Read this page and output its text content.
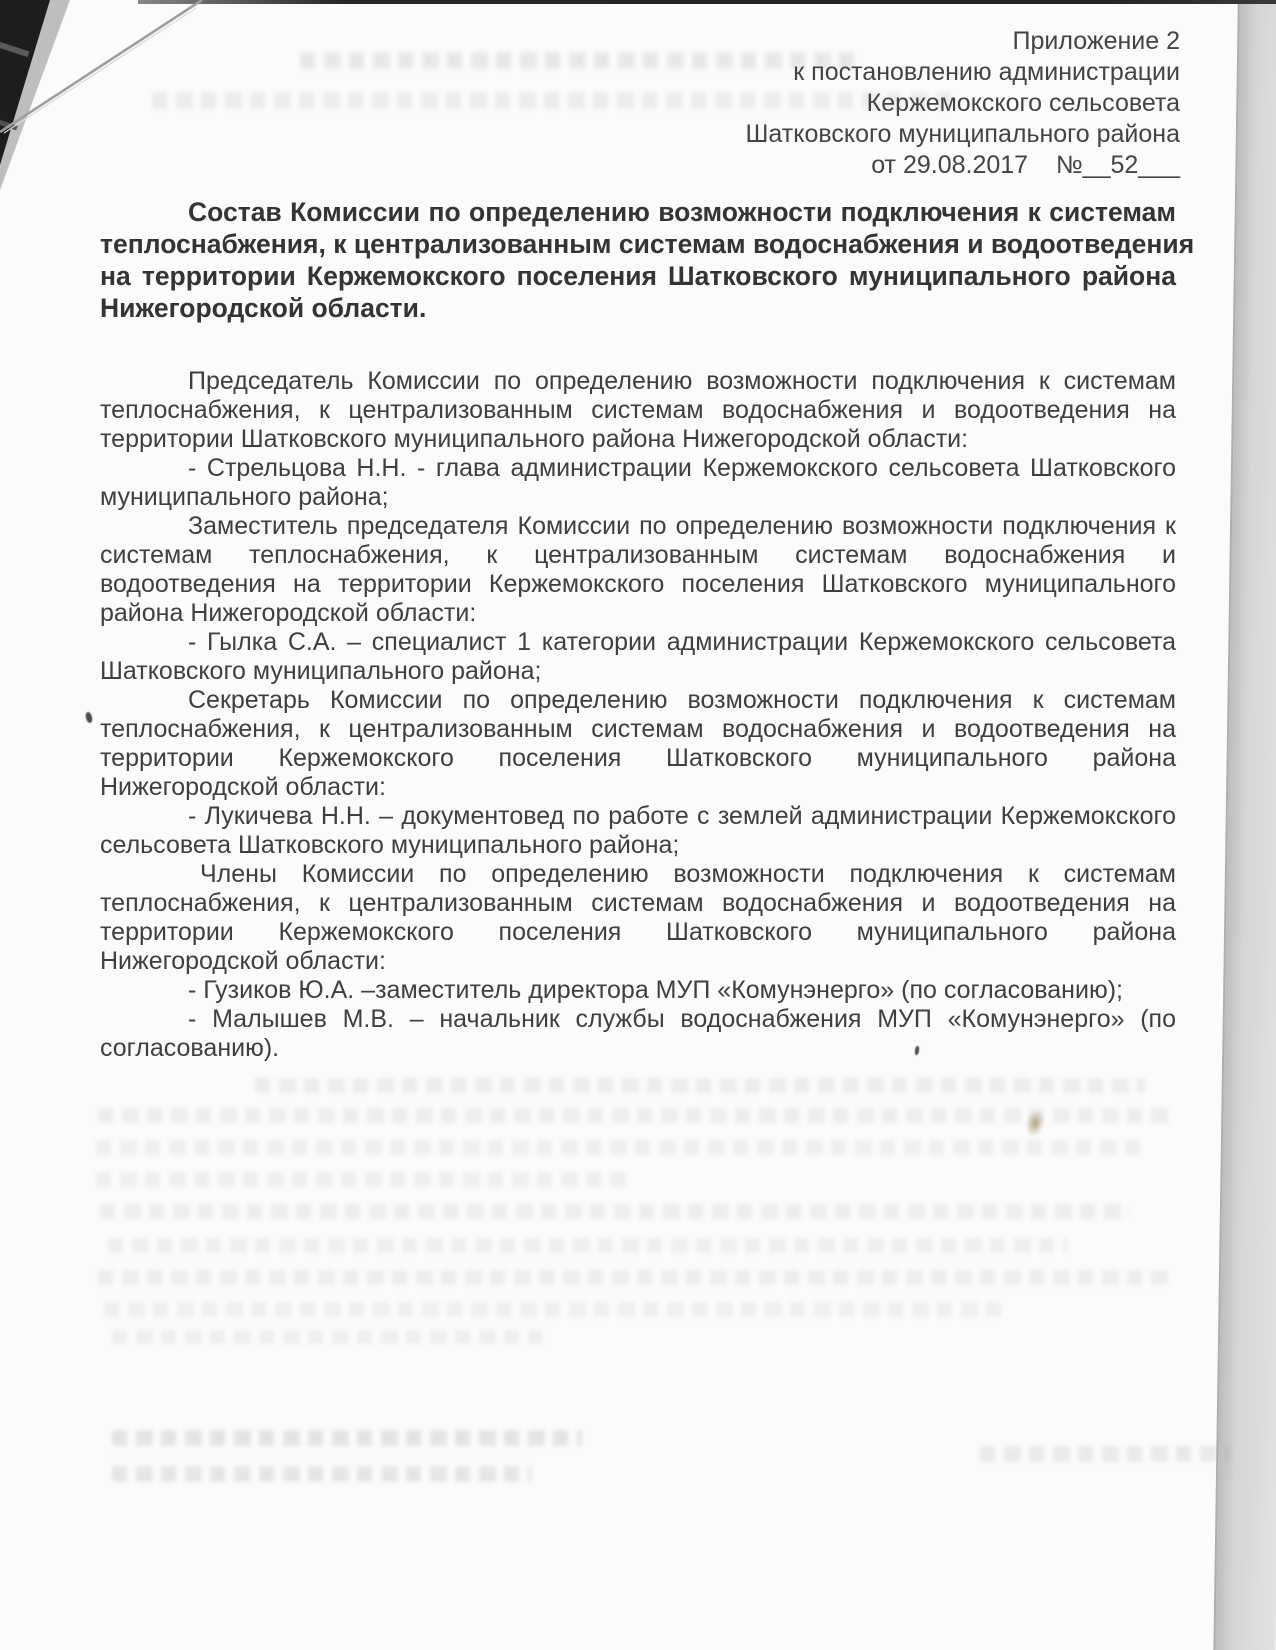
Приложение 2
к постановлению администрации
Кержемокского сельсовета
Шатковского муниципального района
от 29.08.2017    №__52___
Состав Комиссии по определению возможности подключения к системам
теплоснабжения, к централизованным системам водоснабжения и водоотведения
на территории Кержемокского поселения Шатковского муниципального района
Нижегородской области.
Председатель Комиссии по определению возможности подключения к системам
теплоснабжения, к централизованным системам водоснабжения и водоотведения на
территории Шатковского муниципального района Нижегородской области:
- Стрельцова Н.Н. - глава администрации Кержемокского сельсовета Шатковского
муниципального района;
Заместитель председателя Комиссии по определению возможности подключения к
системам теплоснабжения, к централизованным системам водоснабжения и
водоотведения на территории Кержемокского поселения Шатковского муниципального
района Нижегородской области:
- Гылка С.А. – специалист 1 категории администрации Кержемокского сельсовета
Шатковского муниципального района;
Секретарь Комиссии по определению возможности подключения к системам
теплоснабжения, к централизованным системам водоснабжения и водоотведения на
территории Кержемокского поселения Шатковского муниципального района
Нижегородской области:
- Лукичева Н.Н. – документовед по работе с землей администрации Кержемокского
сельсовета Шатковского муниципального района;
Члены Комиссии по определению возможности подключения к системам
теплоснабжения, к централизованным системам водоснабжения и водоотведения на
территории Кержемокского поселения Шатковского муниципального района
Нижегородской области:
- Гузиков Ю.А. –заместитель директора МУП «Комунэнерго» (по согласованию);
- Малышев М.В. – начальник службы водоснабжения МУП «Комунэнерго» (по
согласованию).
